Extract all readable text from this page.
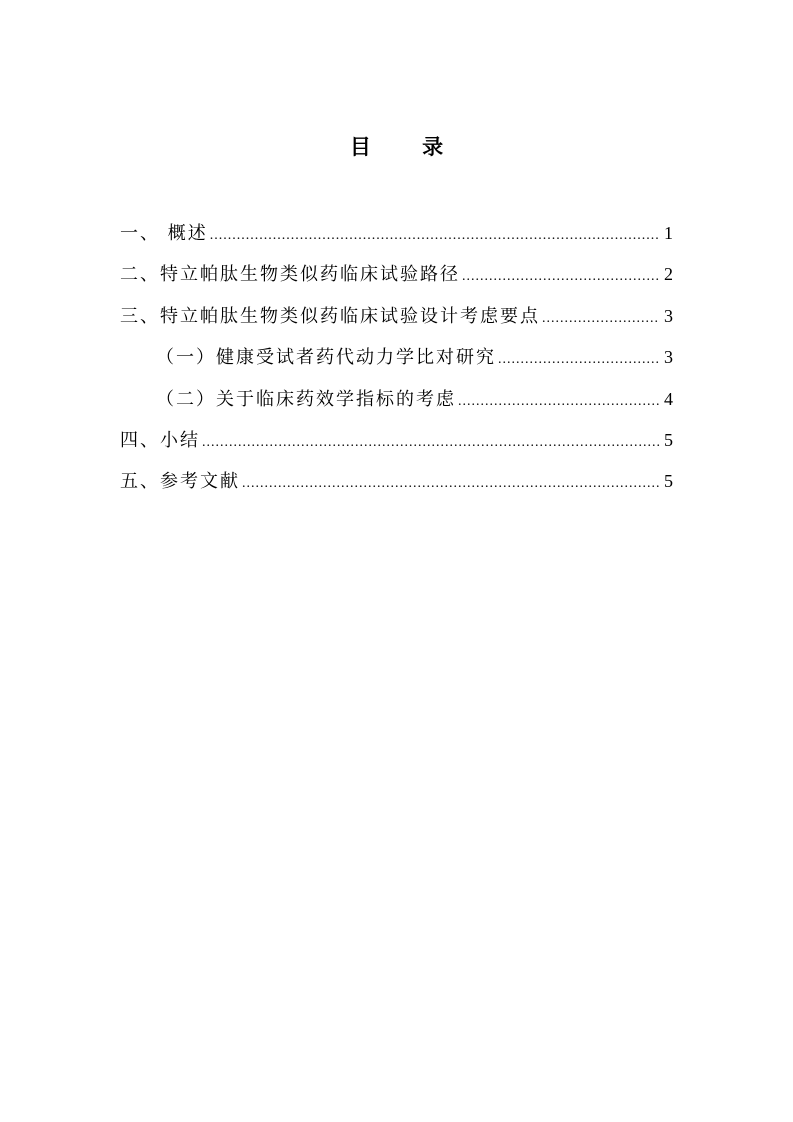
目 录
一、 概述 .....	1
二、特立帕肽生物类似药临床试验路径 .....	2
三、特立帕肽生物类似药临床试验设计考虑要点 .....	3
（一）健康受试者药代动力学比对研究 .....	3
（二）关于临床药效学指标的考虑 .....	4
四、小结 .....	5
五、参考文献 .....	5
